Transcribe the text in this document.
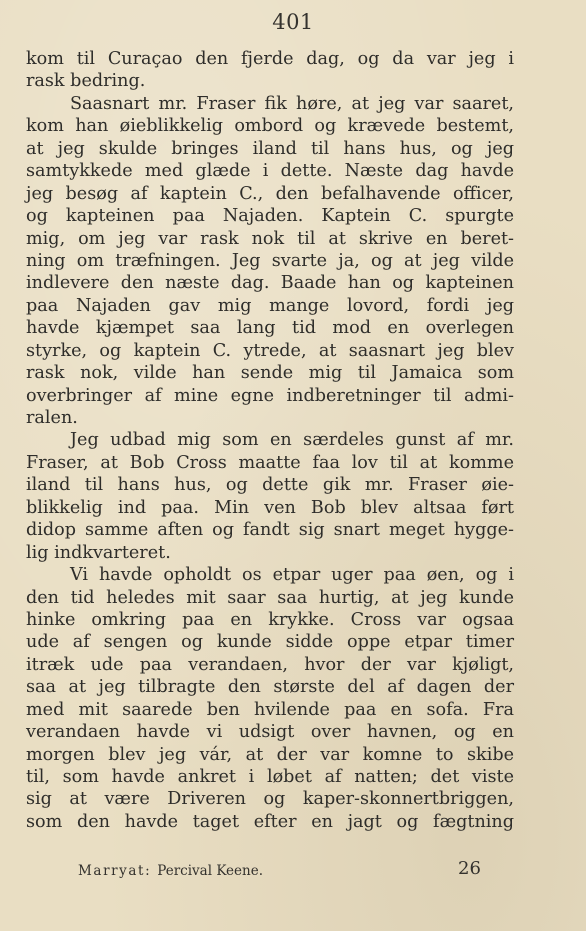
401
kom til Curaçao den fjerde dag, og da var jeg i
rask bedring.
Saasnart mr. Fraser fik høre, at jeg var saaret,
kom han øieblikkelig ombord og krævede bestemt,
at jeg skulde bringes iland til hans hus, og jeg
samtykkede med glæde i dette. Næste dag havde
jeg besøg af kaptein C., den befalhavende officer,
og kapteinen paa Najaden. Kaptein C. spurgte
mig, om jeg var rask nok til at skrive en beret-
ning om træfningen. Jeg svarte ja, og at jeg vilde
indlevere den næste dag. Baade han og kapteinen
paa Najaden gav mig mange lovord, fordi jeg
havde kjæmpet saa lang tid mod en overlegen
styrke, og kaptein C. ytrede, at saasnart jeg blev
rask nok, vilde han sende mig til Jamaica som
overbringer af mine egne indberetninger til admi-
ralen.
Jeg udbad mig som en særdeles gunst af mr.
Fraser, at Bob Cross maatte faa lov til at komme
iland til hans hus, og dette gik mr. Fraser øie-
blikkelig ind paa. Min ven Bob blev altsaa ført
didop samme aften og fandt sig snart meget hygge-
lig indkvarteret.
Vi havde opholdt os etpar uger paa øen, og i
den tid heledes mit saar saa hurtig, at jeg kunde
hinke omkring paa en krykke. Cross var ogsaa
ude af sengen og kunde sidde oppe etpar timer
itræk ude paa verandaen, hvor der var kjøligt,
saa at jeg tilbragte den største del af dagen der
med mit saarede ben hvilende paa en sofa. Fra
verandaen havde vi udsigt over havnen, og en
morgen blev jeg vár, at der var komne to skibe
til, som havde ankret i løbet af natten; det viste
sig at være Driveren og kaper-skonnertbriggen,
som den havde taget efter en jagt og fægtning
Marryat: Percival Keene.	26
